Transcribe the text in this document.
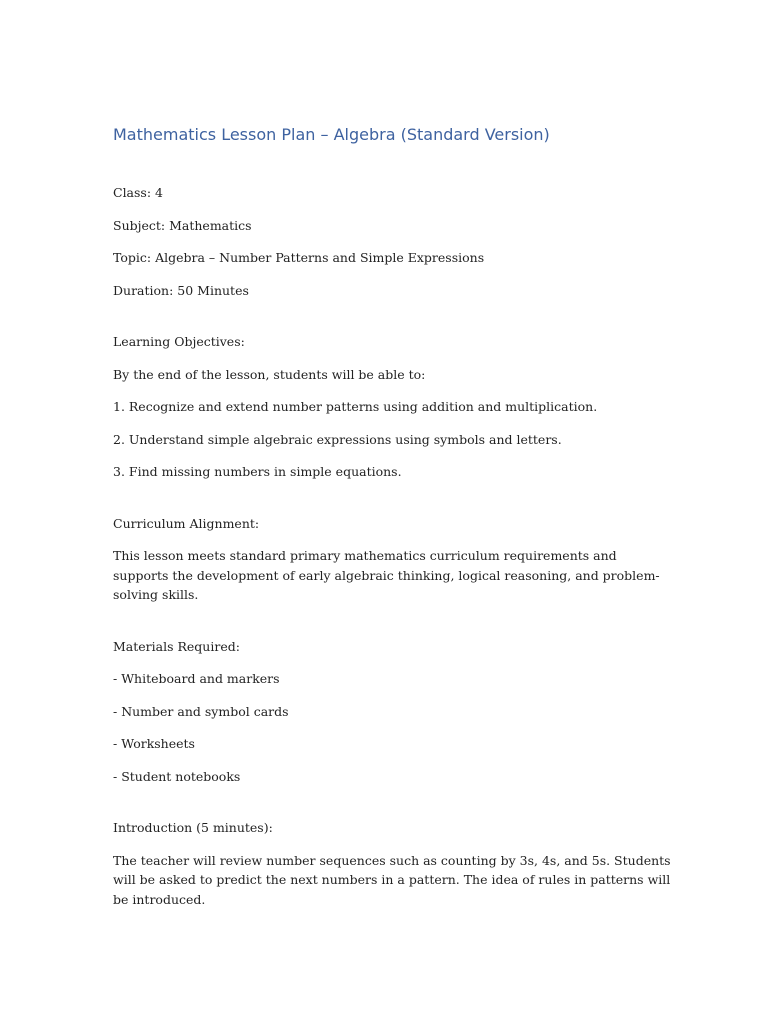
Mathematics Lesson Plan – Algebra (Standard Version)
Class: 4
Subject: Mathematics
Topic: Algebra – Number Patterns and Simple Expressions
Duration: 50 Minutes
Learning Objectives:
By the end of the lesson, students will be able to:
1. Recognize and extend number patterns using addition and multiplication.
2. Understand simple algebraic expressions using symbols and letters.
3. Find missing numbers in simple equations.
Curriculum Alignment:
This lesson meets standard primary mathematics curriculum requirements and supports the development of early algebraic thinking, logical reasoning, and problem-solving skills.
Materials Required:
- Whiteboard and markers
- Number and symbol cards
- Worksheets
- Student notebooks
Introduction (5 minutes):
The teacher will review number sequences such as counting by 3s, 4s, and 5s. Students will be asked to predict the next numbers in a pattern. The idea of rules in patterns will be introduced.
